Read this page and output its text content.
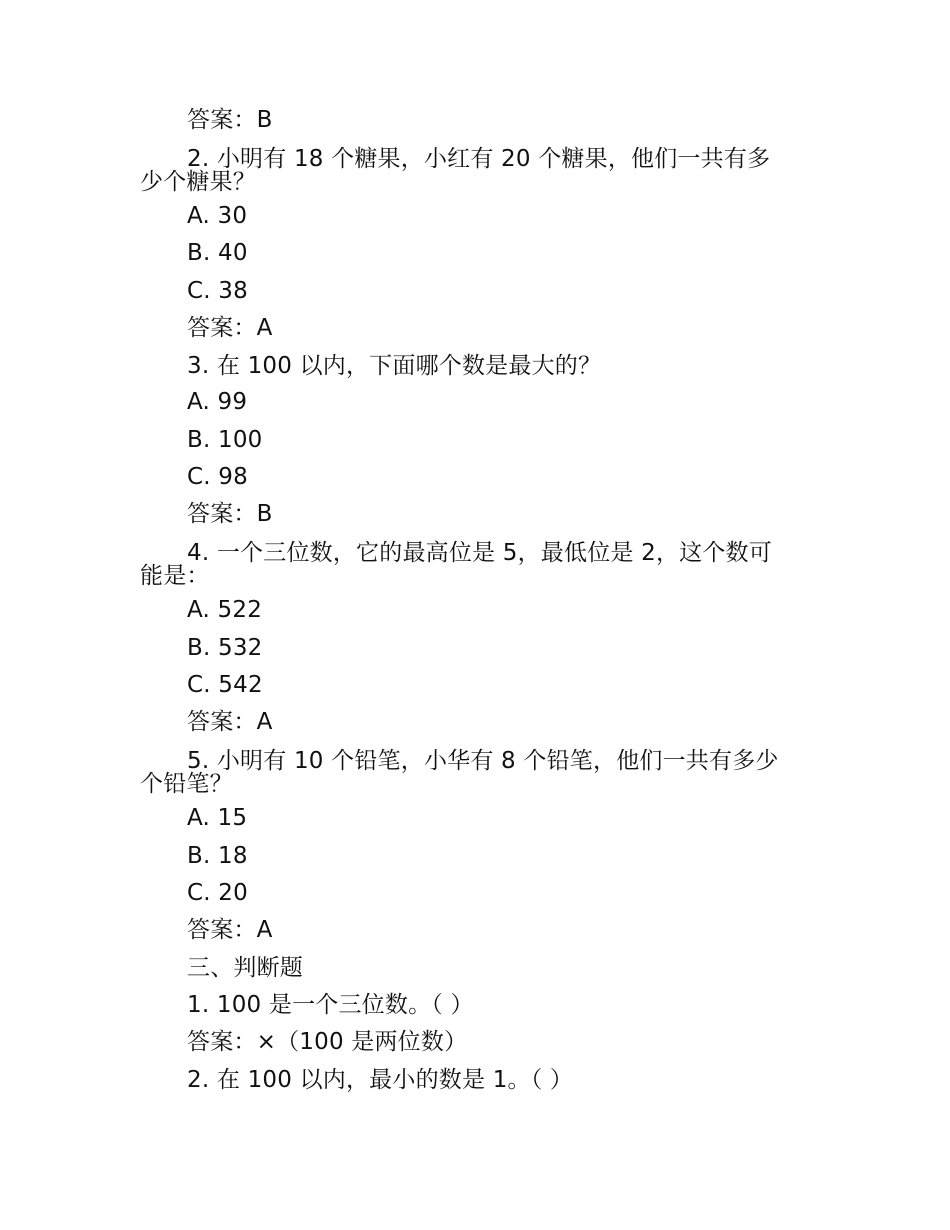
答案：B
2. 小明有 18 个糖果，小红有 20 个糖果，他们一共有多
少个糖果？
A. 30
B. 40
C. 38
答案：A
3. 在 100 以内，下面哪个数是最大的？
A. 99
B. 100
C. 98
答案：B
4. 一个三位数，它的最高位是 5，最低位是 2，这个数可
能是：
A. 522
B. 532
C. 542
答案：A
5. 小明有 10 个铅笔，小华有 8 个铅笔，他们一共有多少
个铅笔？
A. 15
B. 18
C. 20
答案：A
三、判断题
1. 100 是一个三位数。（ ）
答案：×（100 是两位数）
2. 在 100 以内，最小的数是 1。（ ）
